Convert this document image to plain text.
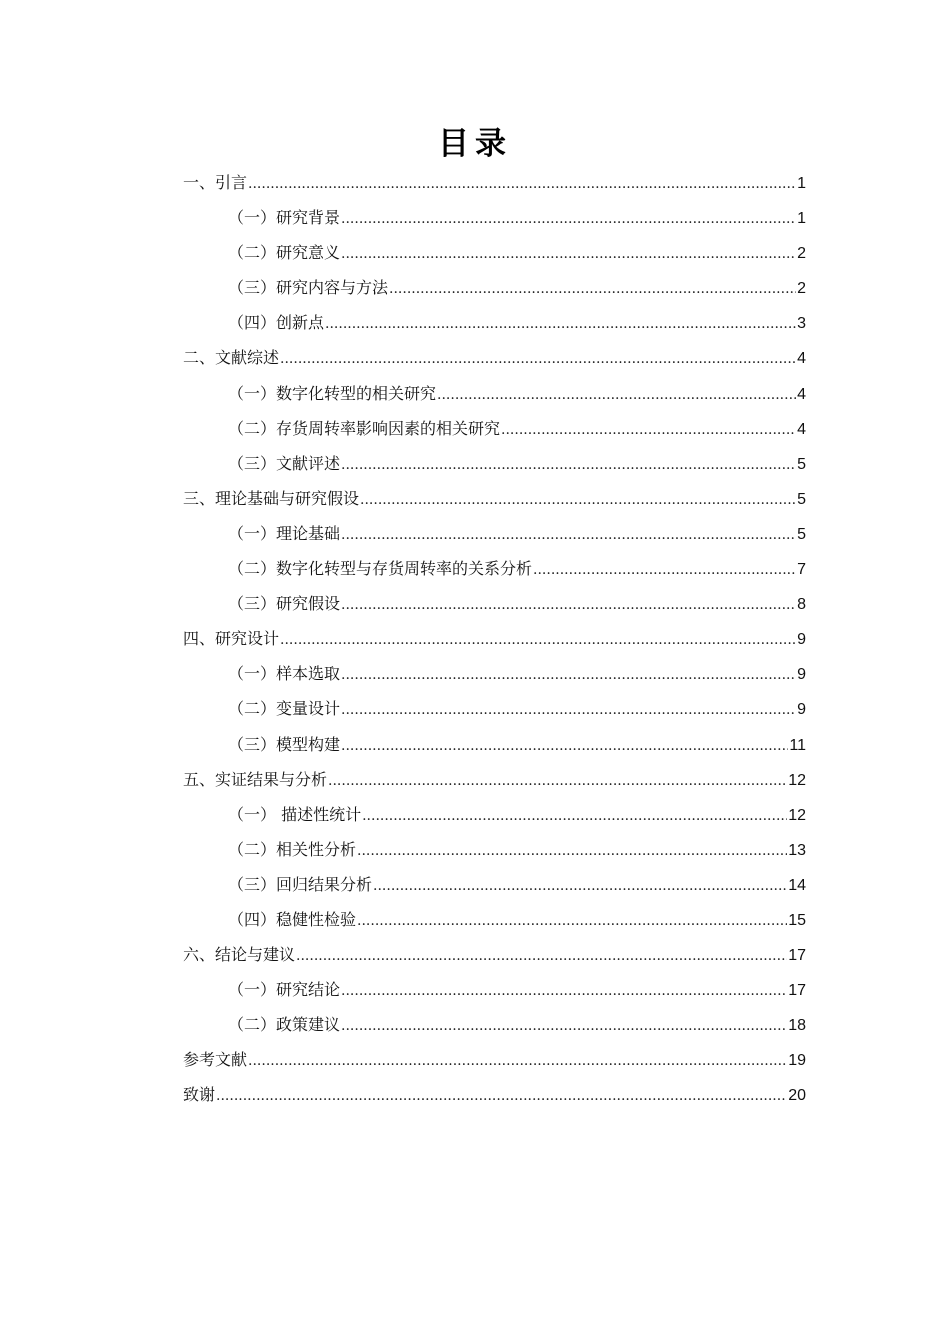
目录
一、引言 .....	1
（一）研究背景 .....	1
（二）研究意义 .....	2
（三）研究内容与方法 .....	2
（四）创新点 .....	3
二、文献综述 .....	4
（一）数字化转型的相关研究 .....	4
（二）存货周转率影响因素的相关研究 .....	4
（三）文献评述 .....	5
三、理论基础与研究假设 .....	5
（一）理论基础 .....	5
（二）数字化转型与存货周转率的关系分析 .....	7
（三）研究假设 .....	8
四、研究设计 .....	9
（一）样本选取 .....	9
（二）变量设计 .....	9
（三）模型构建 .....	11
五、实证结果与分析 .....	12
（一） 描述性统计 .....	12
（二）相关性分析 .....	13
（三）回归结果分析 .....	14
（四）稳健性检验 .....	15
六、结论与建议 .....	17
（一）研究结论 .....	17
（二）政策建议 .....	18
参考文献 .....	19
致谢 .....	20
